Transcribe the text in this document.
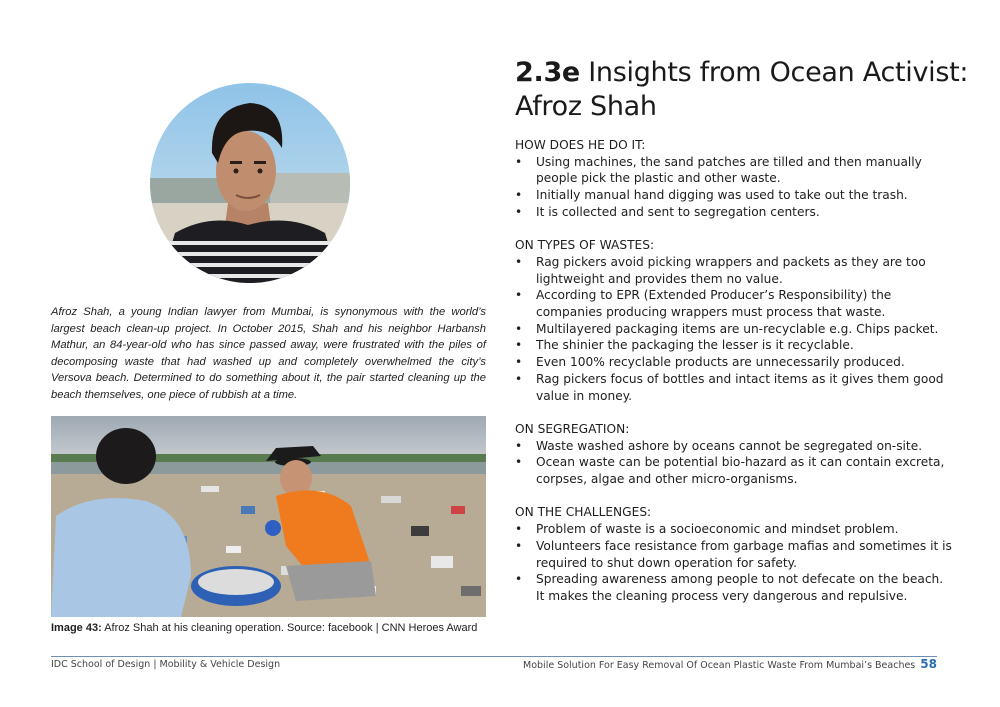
Afroz Shah, a young Indian lawyer from Mumbai, is synonymous with the world’s largest beach clean-up project. In October 2015, Shah and his neighbor Harbansh Mathur, an 84-year-old who has since passed away, were frustrated with the piles of decomposing waste that had washed up and completely overwhelmed the city’s Versova beach. Determined to do something about it, the pair started cleaning up the beach themselves, one piece of rubbish at a time.

Image 43: Afroz Shah at his cleaning operation. Source: facebook | CNN Heroes Award

2.3e Insights from Ocean Activist: Afroz Shah

HOW DOES HE DO IT:

• Using machines, the sand patches are tilled and then manually people pick the plastic and other waste.
• Initially manual hand digging was used to take out the trash.
• It is collected and sent to segregation centers.

ON TYPES OF WASTES:

• Rag pickers avoid picking wrappers and packets as they are too lightweight and provides them no value.
• According to EPR (Extended Producer’s Responsibility) the companies producing wrappers must process that waste.
• Multilayered packaging items are un-recyclable e.g. Chips packet.
• The shinier the packaging the lesser is it recyclable.
• Even 100% recyclable products are unnecessarily produced.
• Rag pickers focus of bottles and intact items as it gives them good value in money.

ON SEGREGATION:

• Waste washed ashore by oceans cannot be segregated on-site.
• Ocean waste can be potential bio-hazard as it can contain excreta, corpses, algae and other micro-organisms.

ON THE CHALLENGES:

• Problem of waste is a socioeconomic and mindset problem.
• Volunteers face resistance from garbage mafias and sometimes it is required to shut down operation for safety.
• Spreading awareness among people to not defecate on the beach. It makes the cleaning process very dangerous and repulsive.
IDC School of Design | Mobility & Vehicle Design	Mobile Solution For Easy Removal Of Ocean Plastic Waste From Mumbai’s Beaches 58
